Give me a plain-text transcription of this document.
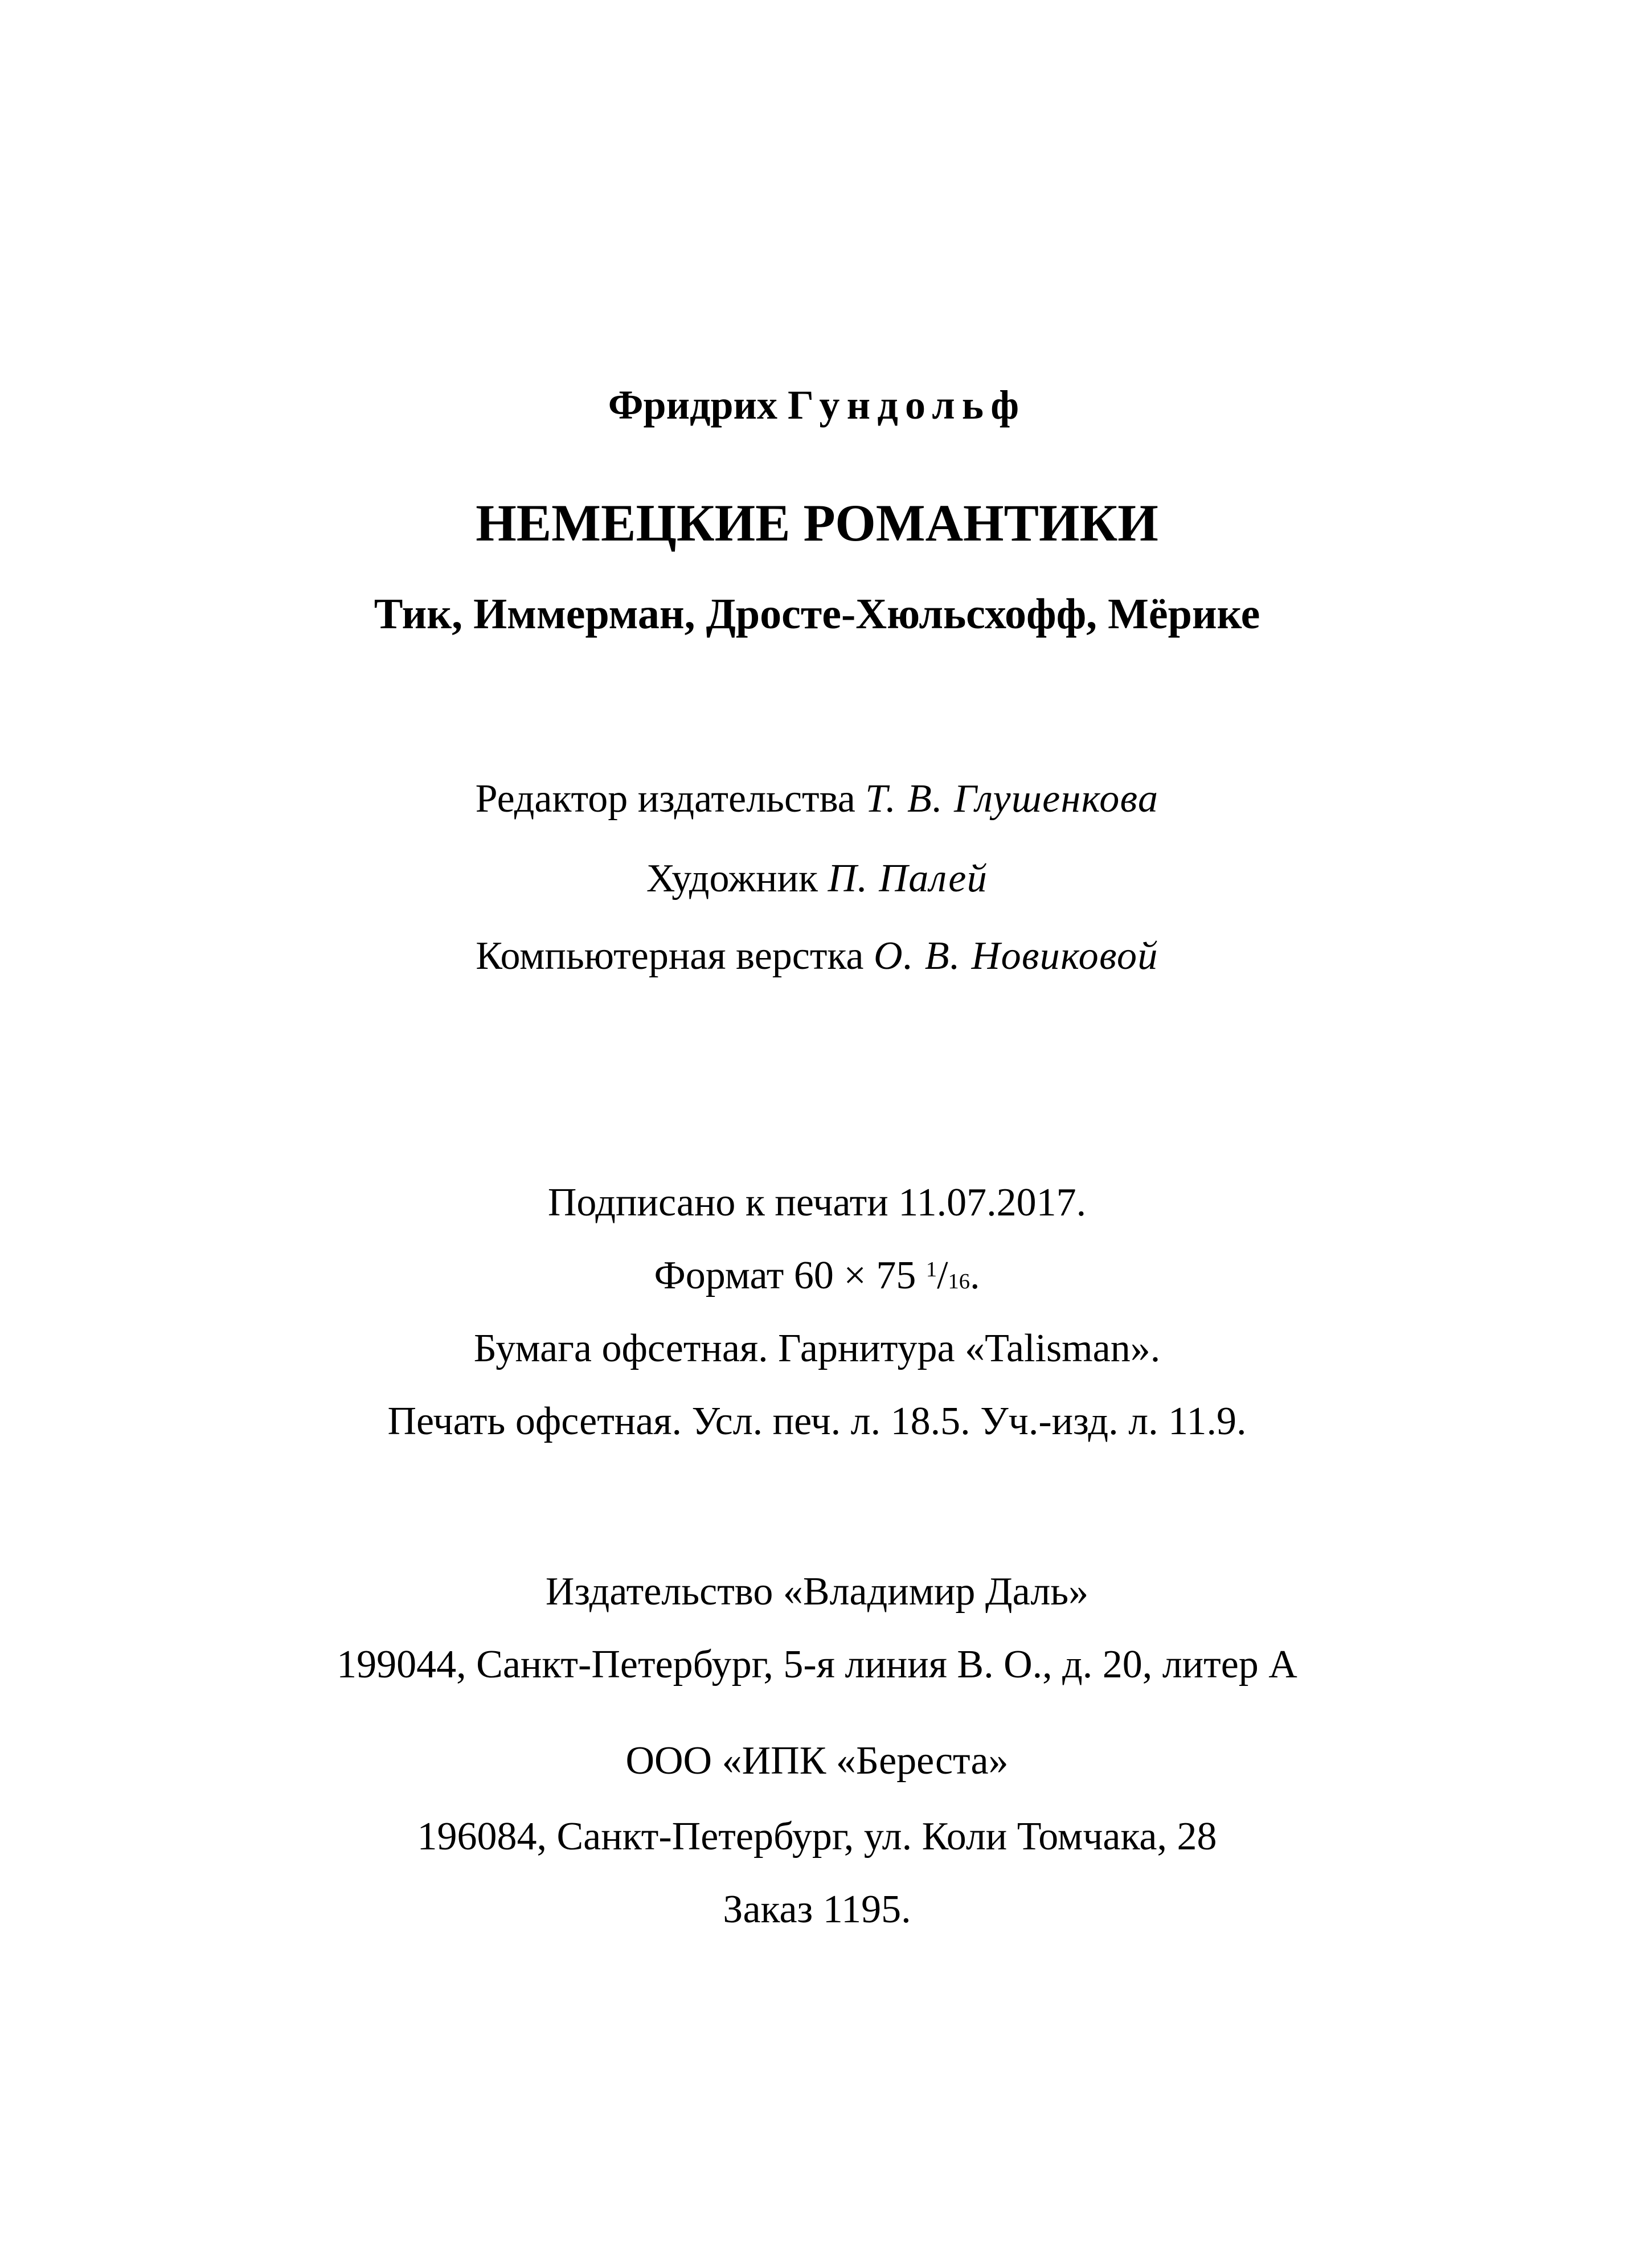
Фридрих Гундольф
НЕМЕЦКИЕ РОМАНТИКИ
Тик, Иммерман, Дросте-Хюльсхофф, Мёрике
Редактор издательства Т. В. Глушенкова
Художник П. Палей
Компьютерная верстка О. В. Новиковой
Подписано к печати 11.07.2017.
Формат 60 × 75 $^1$/16.
Бумага офсетная. Гарнитура «Talisman».
Печать офсетная. Усл. печ. л. 18.5. Уч.-изд. л. 11.9.
Издательство «Владимир Даль»
199044, Санкт-Петербург, 5-я линия В. О., д. 20, литер А
ООО «ИПК «Береста»
196084, Санкт-Петербург, ул. Коли Томчака, 28
Заказ 1195.
